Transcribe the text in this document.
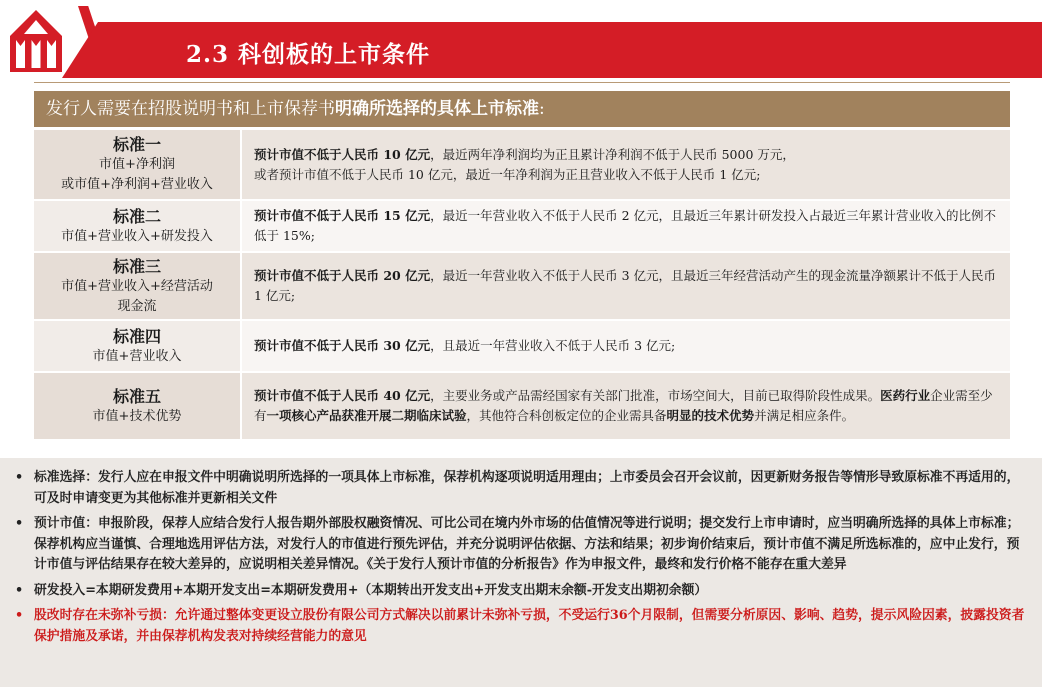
2.3 科创板的上市条件
发行人需要在招股说明书和上市保荐书明确所选择的具体上市标准:
标准一
市值+净利润
或市值+净利润+营业收入	预计市值不低于人民币 10 亿元，最近两年净利润均为正且累计净利润不低于人民币 5000 万元，
或者预计市值不低于人民币 10 亿元，最近一年净利润为正且营业收入不低于人民币 1 亿元;

标准二
市值+营业收入+研发投入	预计市值不低于人民币 15 亿元，最近一年营业收入不低于人民币 2 亿元，且最近三年累计研发投入占最近三年累计营业收入的比例不低于 15%;

标准三
市值+营业收入+经营活动
现金流	预计市值不低于人民币 20 亿元，最近一年营业收入不低于人民币 3 亿元，且最近三年经营活动产生的现金流量净额累计不低于人民币 1 亿元;

标准四
市值+营业收入	预计市值不低于人民币 30 亿元，且最近一年营业收入不低于人民币 3 亿元;

标准五
市值+技术优势	预计市值不低于人民币 40 亿元，主要业务或产品需经国家有关部门批准，市场空间大，目前已取得阶段性成果。医药行业企业需至少有一项核心产品获准开展二期临床试验，其他符合科创板定位的企业需具备明显的技术优势并满足相应条件。
• 标准选择：发行人应在申报文件中明确说明所选择的一项具体上市标准，保荐机构逐项说明适用理由；上市委员会召开会议前，因更新财务报告等情形导致原标准不再适用的，可及时申请变更为其他标准并更新相关文件
• 预计市值：申报阶段，保荐人应结合发行人报告期外部股权融资情况、可比公司在境内外市场的估值情况等进行说明；提交发行上市申请时，应当明确所选择的具体上市标准；保荐机构应当谨慎、合理地选用评估方法，对发行人的市值进行预先评估，并充分说明评估依据、方法和结果；初步询价结束后，预计市值不满足所选标准的，应中止发行，预计市值与评估结果存在较大差异的，应说明相关差异情况。《关于发行人预计市值的分析报告》作为申报文件，最终和发行价格不能存在重大差异
• 研发投入=本期研发费用+本期开发支出=本期研发费用+（本期转出开发支出+开发支出期末余额-开发支出期初余额）
• 股改时存在未弥补亏损：允许通过整体变更设立股份有限公司方式解决以前累计未弥补亏损，不受运行36个月限制，但需要分析原因、影响、趋势，提示风险因素，披露投资者保护措施及承诺，并由保荐机构发表对持续经营能力的意见
